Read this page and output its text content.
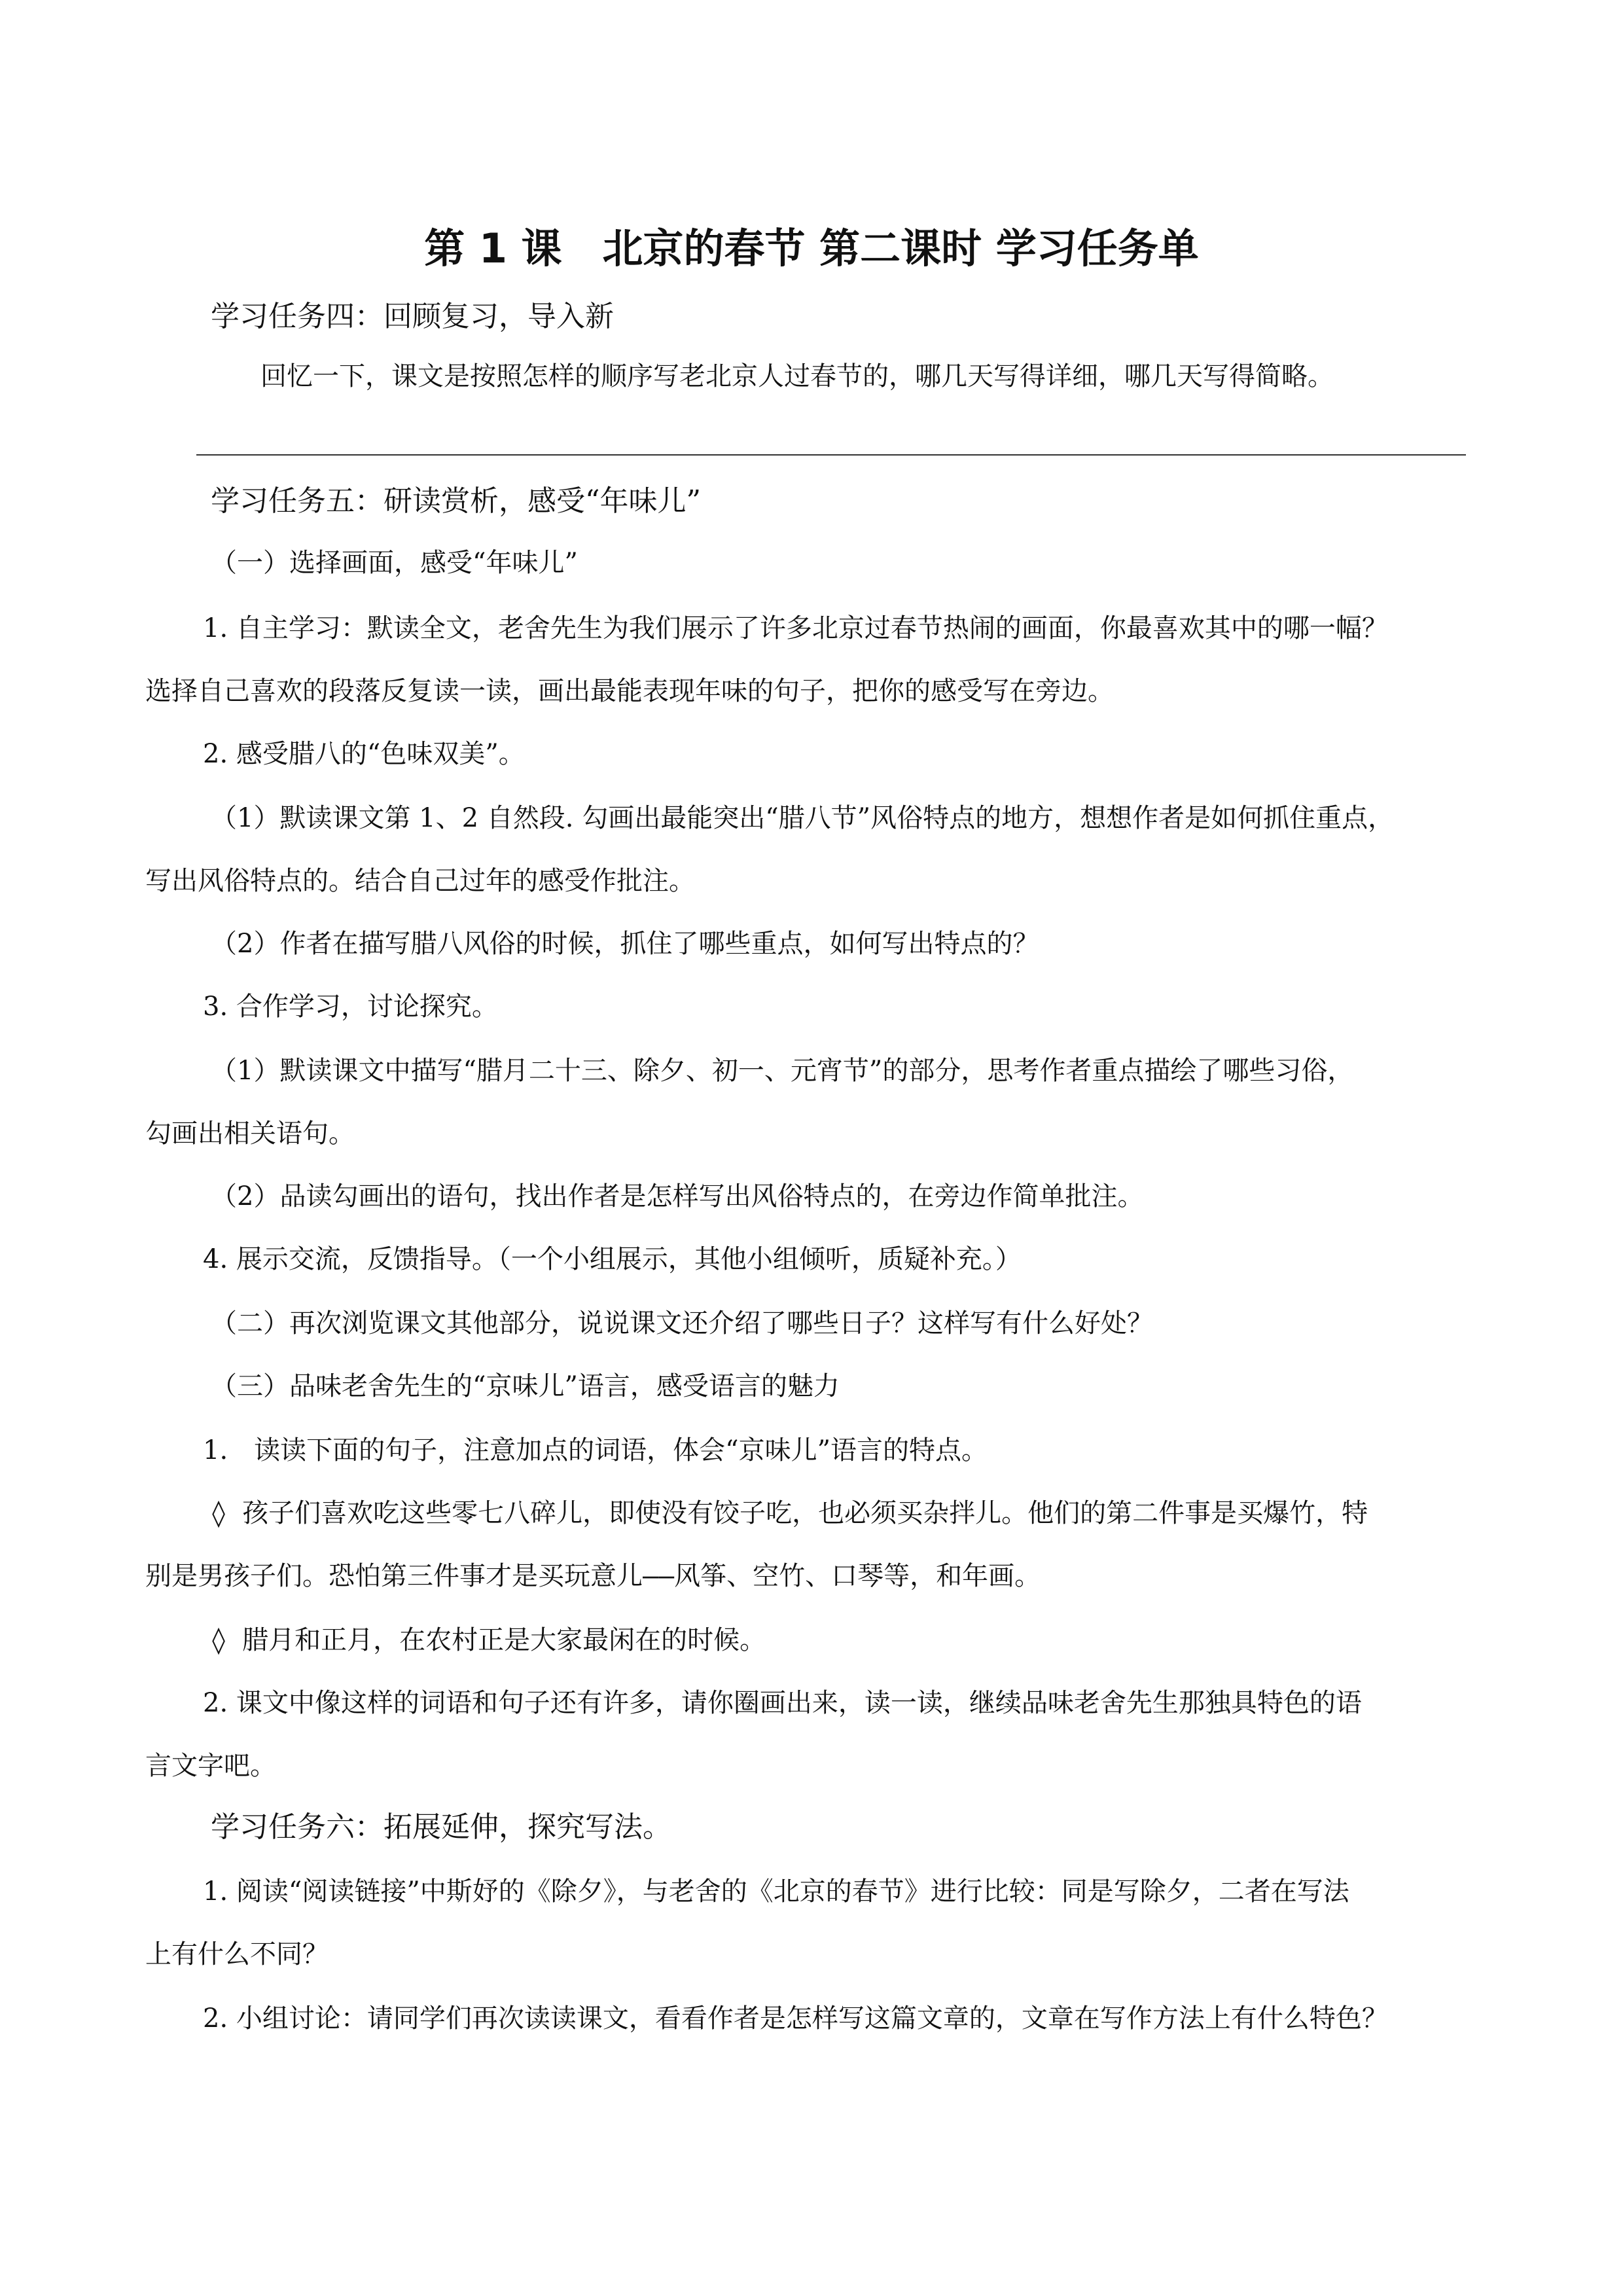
第 1 课　北京的春节 第二课时 学习任务单
学习任务四：回顾复习，导入新
回忆一下，课文是按照怎样的顺序写老北京人过春节的，哪几天写得详细，哪几天写得简略。
学习任务五：研读赏析，感受“年味儿”
（一）选择画面，感受“年味儿”
1. 自主学习：默读全文，老舍先生为我们展示了许多北京过春节热闹的画面，你最喜欢其中的哪一幅？
选择自己喜欢的段落反复读一读，画出最能表现年味的句子，把你的感受写在旁边。
2. 感受腊八的“色味双美”。
（1）默读课文第 1、2 自然段. 勾画出最能突出“腊八节”风俗特点的地方，想想作者是如何抓住重点，
写出风俗特点的。结合自己过年的感受作批注。
（2）作者在描写腊八风俗的时候，抓住了哪些重点，如何写出特点的？
3. 合作学习，讨论探究。
（1）默读课文中描写“腊月二十三、除夕、初一、元宵节”的部分，思考作者重点描绘了哪些习俗，
勾画出相关语句。
（2）品读勾画出的语句，找出作者是怎样写出风俗特点的，在旁边作简单批注。
4. 展示交流，反馈指导。（一个小组展示，其他小组倾听，质疑补充。）
（二）再次浏览课文其他部分，说说课文还介绍了哪些日子？这样写有什么好处？
（三）品味老舍先生的“京味儿”语言，感受语言的魅力
1.　读读下面的句子，注意加点的词语，体会“京味儿”语言的特点。
◊ 孩子们喜欢吃这些零七八碎儿，即使没有饺子吃，也必须买杂拌儿。他们的第二件事是买爆竹，特
别是男孩子们。恐怕第三件事才是买玩意儿——风筝、空竹、口琴等，和年画。
◊ 腊月和正月，在农村正是大家最闲在的时候。
2. 课文中像这样的词语和句子还有许多，请你圈画出来，读一读，继续品味老舍先生那独具特色的语
言文字吧。
学习任务六：拓展延伸，探究写法。
1. 阅读“阅读链接”中斯妤的《除夕》，与老舍的《北京的春节》进行比较：同是写除夕，二者在写法
上有什么不同？
2. 小组讨论：请同学们再次读读课文，看看作者是怎样写这篇文章的，文章在写作方法上有什么特色？
